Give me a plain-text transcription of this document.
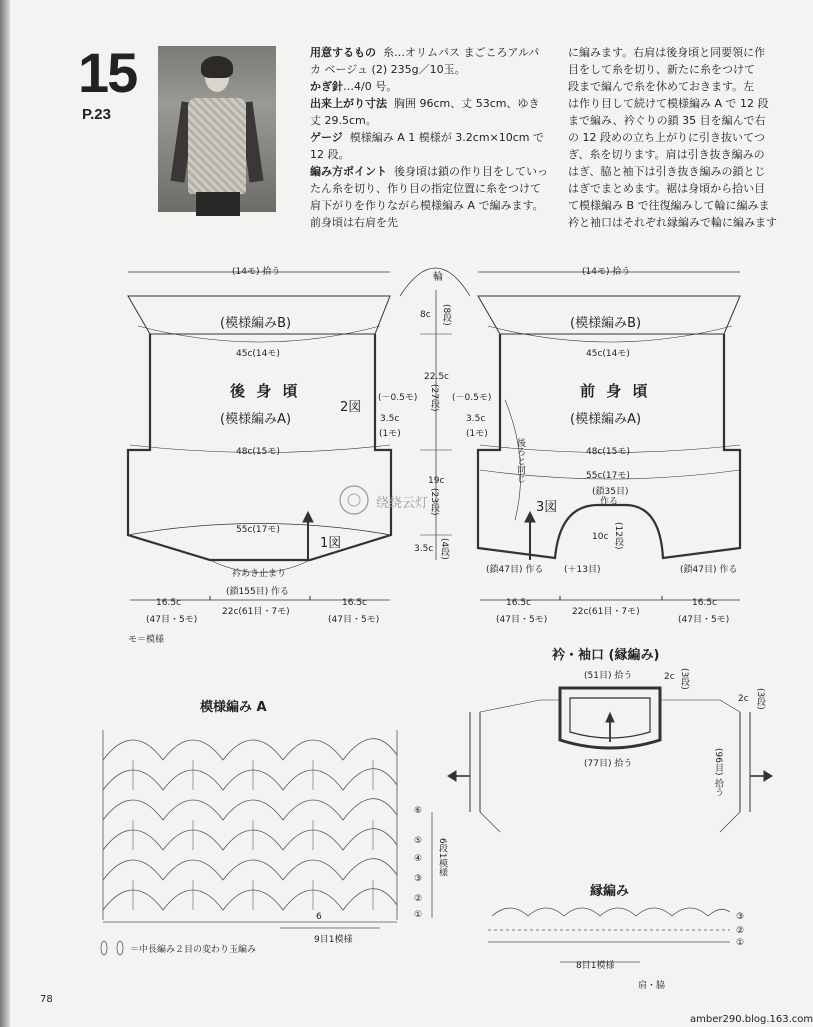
15
P.23

用意するもの 糸…オリムパス まごころアルパカ ベージュ (2) 235g／10玉。

かぎ針…4/0 号。

出来上がり寸法 胸囲 96cm、丈 53cm、ゆき丈 29.5cm。

ゲージ 模様編み A 1 模様が 3.2cm×10cm で 12 段。

編み方ポイント 後身頃は鎖の作り目をしていったん糸を切り、作り目の指定位置に糸をつけて肩下がりを作りながら模様編み A で編みます。前身頃は右肩を先

に編みます。右肩は後身頃と同要領に作

目をして糸を切り、新たに糸をつけて

段まで編んで糸を休めておきます。左

は作り目して続けて模様編み A で 12 段

まで編み、衿ぐりの鎖 35 目を編んで右

の 12 段めの立ち上がりに引き抜いてつ

ぎ、糸を切ります。肩は引き抜き編みの

はぎ、脇と袖下は引き抜き編みの鎖とじ

はぎでまとめます。裾は身頃から拾い目

て模様編み B で往復編みして輪に編みま

衿と袖口はそれぞれ縁編みで輪に編みます

輪
(14モ) 拾う
(模様編みB)
45c(14モ)
後 身 頃
(模様編みA)
2図
(－0.5モ)
3.5c
(1モ)
48c(15モ)
55c(17モ)
1図
衿あき止まり
(鎖155目) 作る
16.5c
(47目・5モ)
22c(61目・7モ)
16.5c
(47目・5モ)
8c (8段)
22.5c
(27段)
19c
(23段)
3.5c (4段)
(14モ) 拾う
(模様編みB)
45c(14モ)
前 身 頃
(模様編みA)
(－0.5モ)
3.5c
(1モ)
後ろと同じ	48c(15モ)
55c(17モ)
(鎖35目)
作る
3図
10c (12段)
(鎖47目) 作る (＋13目)	(鎖47目) 作る
16.5c
(47目・5モ)
22c(61目・7モ)
16.5c
(47目・5モ)
モ＝模様
绕绕云灯
模様編み A
⑥
⑤
④
③
②
①
6段1模様
6
9目1模様
＝中長編み２目の変わり玉編み
衿・袖口 (縁編み)
(51目) 拾う	2c (3段)
(77目) 拾う
2c (3段)
(96目) 拾う
縁編み
③
②
①
8目1模様
肩・脇
78
amber290.blog.163.com
